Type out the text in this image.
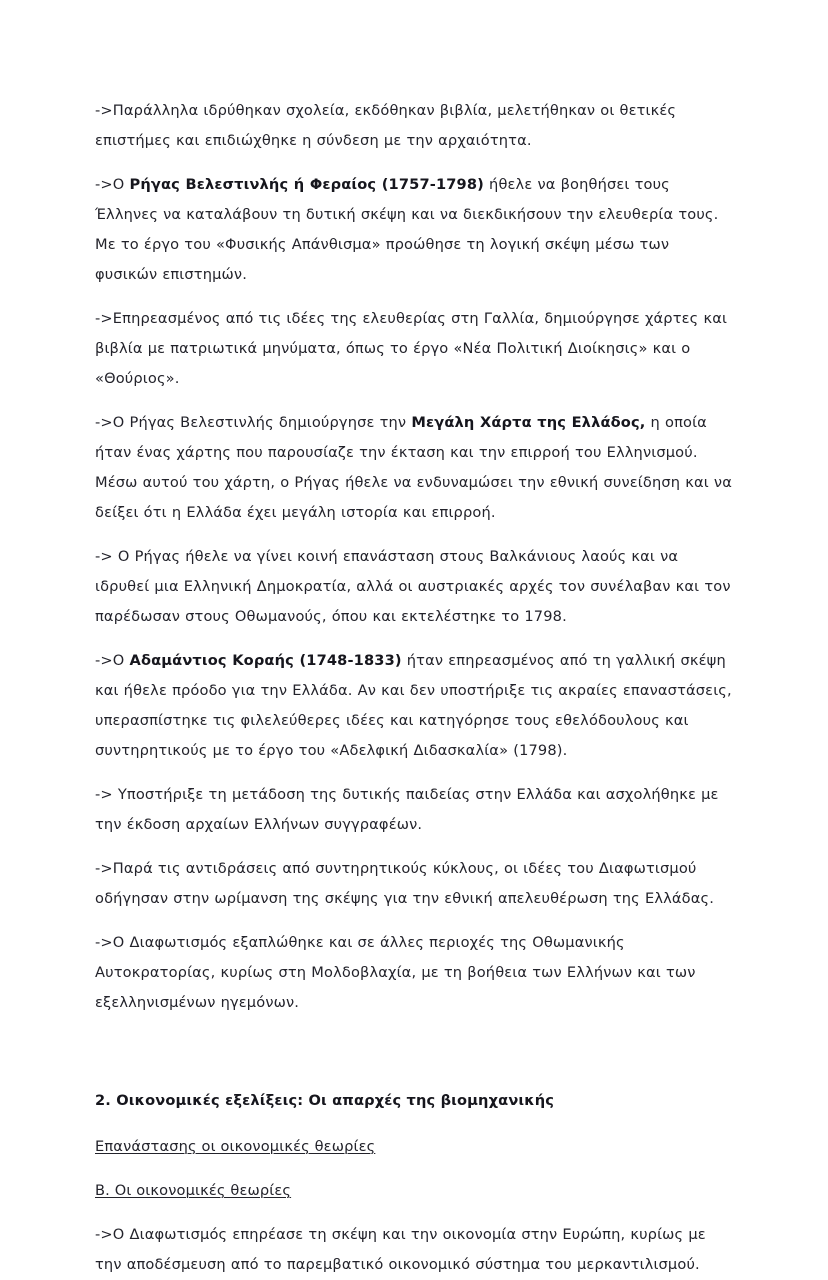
->Παράλληλα ιδρύθηκαν σχολεία, εκδόθηκαν βιβλία, μελετήθηκαν οι θετικές επιστήμες και επιδιώχθηκε η σύνδεση με την αρχαιότητα.

->Ο Ρήγας Βελεστινλής ή Φεραίος (1757-1798) ήθελε να βοηθήσει τους Έλληνες να καταλάβουν τη δυτική σκέψη και να διεκδικήσουν την ελευθερία τους. Με το έργο του «Φυσικής Απάνθισμα» προώθησε τη λογική σκέψη μέσω των φυσικών επιστημών.

->Επηρεασμένος από τις ιδέες της ελευθερίας στη Γαλλία, δημιούργησε χάρτες και βιβλία με πατριωτικά μηνύματα, όπως το έργο «Νέα Πολιτική Διοίκησις» και ο «Θούριος».

->Ο Ρήγας Βελεστινλής δημιούργησε την Μεγάλη Χάρτα της Ελλάδος, η οποία ήταν ένας χάρτης που παρουσίαζε την έκταση και την επιρροή του Ελληνισμού. Μέσω αυτού του χάρτη, ο Ρήγας ήθελε να ενδυναμώσει την εθνική συνείδηση και να δείξει ότι η Ελλάδα έχει μεγάλη ιστορία και επιρροή.

-> Ο Ρήγας ήθελε να γίνει κοινή επανάσταση στους Βαλκάνιους λαούς και να ιδρυθεί μια Ελληνική Δημοκρατία, αλλά οι αυστριακές αρχές τον συνέλαβαν και τον παρέδωσαν στους Οθωμανούς, όπου και εκτελέστηκε το 1798.

->Ο Αδαμάντιος Κοραής (1748-1833) ήταν επηρεασμένος από τη γαλλική σκέψη και ήθελε πρόοδο για την Ελλάδα. Αν και δεν υποστήριξε τις ακραίες επαναστάσεις, υπερασπίστηκε τις φιλελεύθερες ιδέες και κατηγόρησε τους εθελόδουλους και συντηρητικούς με το έργο του «Αδελφική Διδασκαλία» (1798).

-> Υποστήριξε τη μετάδοση της δυτικής παιδείας στην Ελλάδα και ασχολήθηκε με την έκδοση αρχαίων Ελλήνων συγγραφέων.

->Παρά τις αντιδράσεις από συντηρητικούς κύκλους, οι ιδέες του Διαφωτισμού οδήγησαν στην ωρίμανση της σκέψης για την εθνική απελευθέρωση της Ελλάδας.

->Ο Διαφωτισμός εξαπλώθηκε και σε άλλες περιοχές της Οθωμανικής Αυτοκρατορίας, κυρίως στη Μολδοβλαχία, με τη βοήθεια των Ελλήνων και των εξελληνισμένων ηγεμόνων.

2. Οικονομικές εξελίξεις: Οι απαρχές της βιομηχανικής

Επανάστασης οι οικονομικές θεωρίες

Β. Οι οικονομικές θεωρίες

->Ο Διαφωτισμός επηρέασε τη σκέψη και την οικονομία στην Ευρώπη, κυρίως με την αποδέσμευση από το παρεμβατικό οικονομικό σύστημα του μερκαντιλισμού.
